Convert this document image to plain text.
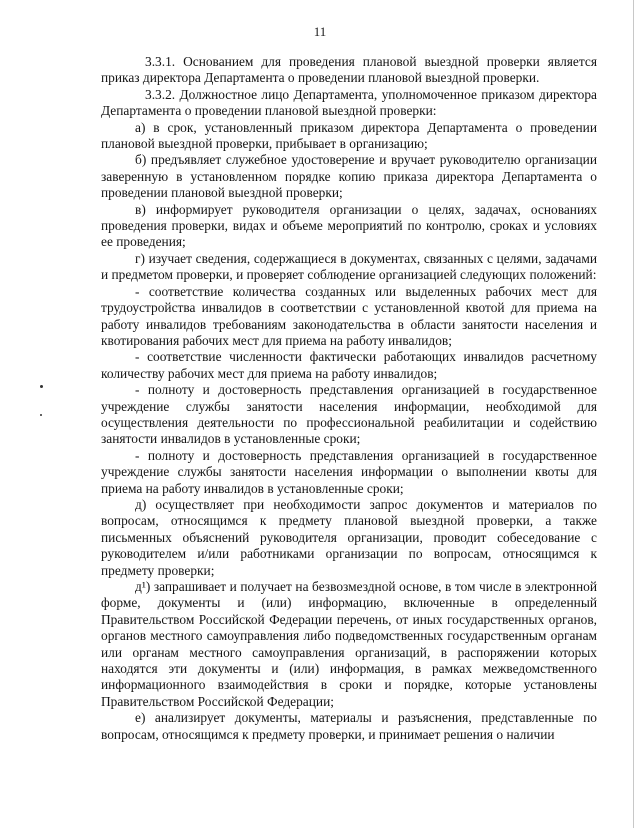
11

3.3.1. Основанием для проведения плановой выездной проверки является приказ директора Департамента о проведении плановой выездной проверки.

3.3.2. Должностное лицо Департамента, уполномоченное приказом директора Департамента о проведении плановой выездной проверки:

а) в срок, установленный приказом директора Департамента о проведении плановой выездной проверки, прибывает в организацию;

б) предъявляет служебное удостоверение и вручает руководителю организации заверенную в установленном порядке копию приказа директора Департамента о проведении плановой выездной проверки;

в) информирует руководителя организации о целях, задачах, основаниях проведения проверки, видах и объеме мероприятий по контролю, сроках и условиях ее проведения;

г) изучает сведения, содержащиеся в документах, связанных с целями, задачами и предметом проверки, и проверяет соблюдение организацией следующих положений:

- соответствие количества созданных или выделенных рабочих мест для трудоустройства инвалидов в соответствии с установленной квотой для приема на работу инвалидов требованиям законодательства в области занятости населения и квотирования рабочих мест для приема на работу инвалидов;

- соответствие численности фактически работающих инвалидов расчетному количеству рабочих мест для приема на работу инвалидов;

- полноту и достоверность представления организацией в государственное учреждение службы занятости населения информации, необходимой для осуществления деятельности по профессиональной реабилитации и содействию занятости инвалидов в установленные сроки;

- полноту и достоверность представления организацией в государственное учреждение службы занятости населения информации о выполнении квоты для приема на работу инвалидов в установленные сроки;

д) осуществляет при необходимости запрос документов и материалов по вопросам, относящимся к предмету плановой выездной проверки, а также письменных объяснений руководителя организации, проводит собеседование с руководителем и/или работниками организации по вопросам, относящимся к предмету проверки;

д¹) запрашивает и получает на безвозмездной основе, в том числе в электронной форме, документы и (или) информацию, включенные в определенный Правительством Российской Федерации перечень, от иных государственных органов, органов местного самоуправления либо подведомственных государственным органам или органам местного самоуправления организаций, в распоряжении которых находятся эти документы и (или) информация, в рамках межведомственного информационного взаимодействия в сроки и порядке, которые установлены Правительством Российской Федерации;

е) анализирует документы, материалы и разъяснения, представленные по вопросам, относящимся к предмету проверки, и принимает решения о наличии
